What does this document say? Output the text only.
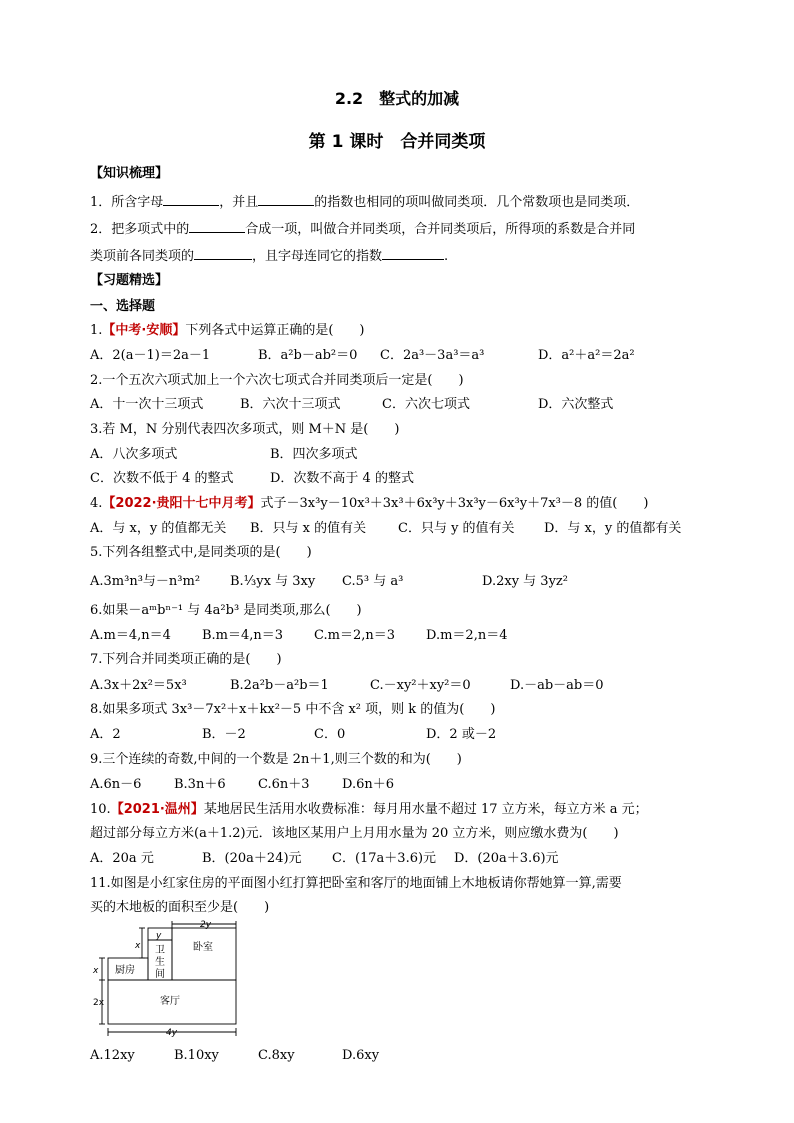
2.2　整式的加减
第 1 课时　合并同类项
【知识梳理】
1．所含字母	，并且	的指数也相同的项叫做同类项．几个常数项也是同类项．
2．把多项式中的	合成一项，叫做合并同类项，合并同类项后，所得项的系数是合并同
类项前各同类项的	，且字母连同它的指数	.
【习题精选】
一、选择题
1.【中考·安顺】下列各式中运算正确的是(　　)
A．2(a－1)＝2a－1	B．a²b－ab²＝0 C．2a³－3a³＝a³	D．a²＋a²＝2a²
2.一个五次六项式加上一个六次七项式合并同类项后一定是(　　)
A．十一次十三项式	B．六次十三项式	C．六次七项式	D．六次整式
3.若 M，N 分别代表四次多项式，则 M＋N 是(　　)
A．八次多项式	B．四次多项式
C．次数不低于 4 的整式	D．次数不高于 4 的整式
4.【2022·贵阳十七中月考】式子－3x³y－10x³＋3x³＋6x³y＋3x³y－6x³y＋7x³－8 的值(　　)
A．与 x，y 的值都无关 B．只与 x 的值有关 C．只与 y 的值有关 D．与 x，y 的值都有关
5.下列各组整式中,是同类项的是(　　)
A.3m³n³与－n³m² B.⅓yx 与 3xy C.5³ 与 a³	D.2xy 与 3yz²
6.如果－aᵐbⁿ⁻¹ 与 4a²b³ 是同类项,那么(　　)
A.m＝4,n＝4 B.m＝4,n＝3 C.m＝2,n＝3 D.m＝2,n＝4
7.下列合并同类项正确的是(　　)
A.3x＋2x²＝5x³	B.2a²b－a²b＝1	C.－xy²＋xy²＝0	D.－ab－ab＝0
8.如果多项式 3x³－7x²＋x＋kx²－5 中不含 x² 项，则 k 的值为(　　)
A．2	B．－2	C．0	D．2 或－2
9.三个连续的奇数,中间的一个数是 2n＋1,则三个数的和为(　　)
A.6n－6	B.3n＋6 C.6n＋3 D.6n＋6
10.【2021·温州】某地居民生活用水收费标准：每月用水量不超过 17 立方米，每立方米 a 元；
超过部分每立方米(a＋1.2)元．该地区某用户上月用水量为 20 立方米，则应缴水费为(　　)
A．20a 元	B．(20a＋24)元 C．(17a＋3.6)元 D．(20a＋3.6)元
11.如图是小红家住房的平面图小红打算把卧室和客厅的地面铺上木地板请你帮她算一算,需要
买的木地板的面积至少是(　　)
2y
y
x
x
2x
4y
厨房
卫
生
间
卧室
客厅
A.12xy	B.10xy	C.8xy	D.6xy
